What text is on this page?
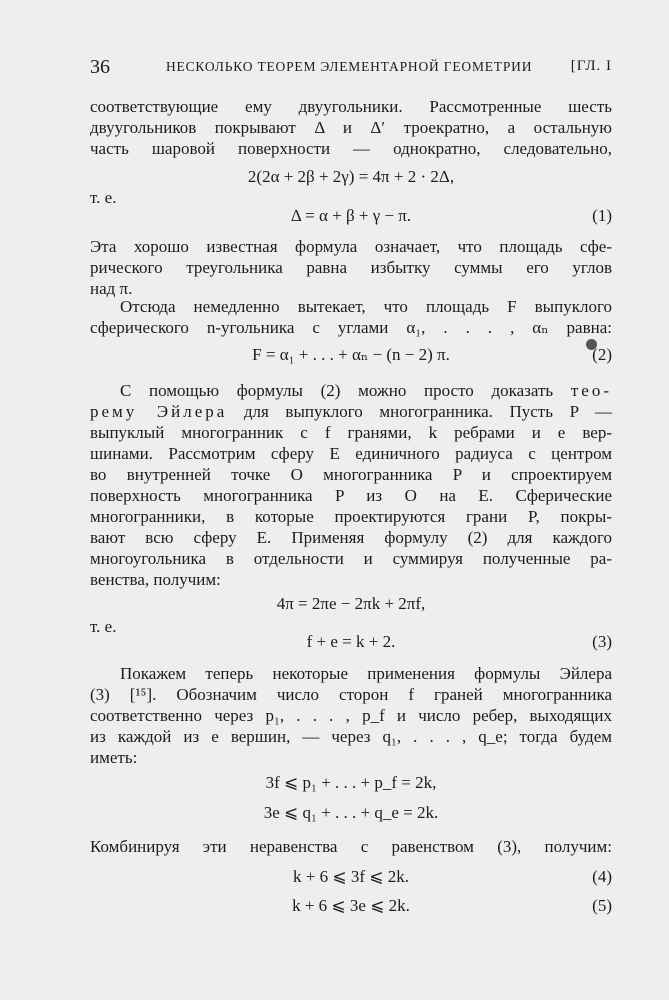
36	НЕСКОЛЬКО ТЕОРЕМ ЭЛЕМЕНТАРНОЙ ГЕОМЕТРИИ	[ГЛ. I
соответствующие ему двуугольники. Рассмотренные шесть
двуугольников покрывают Δ и Δ′ троекратно, а остальную
часть шаровой поверхности — однократно, следовательно,
2(2α + 2β + 2γ) = 4π + 2 · 2Δ,
т. е.
Δ = α + β + γ − π.	(1)
Эта хорошо известная формула означает, что площадь сфе-
рического треугольника равна избытку суммы его углов
над π.
Отсюда немедленно вытекает, что площадь F выпуклого
сферического n-угольника с углами α₁, . . . , αₙ равна:
F = α₁ + . . . + αₙ − (n − 2) π.	(2)
С помощью формулы (2) можно просто доказать тео-
рему Эйлера для выпуклого многогранника. Пусть P —
выпуклый многогранник с f гранями, k ребрами и e вер-
шинами. Рассмотрим сферу E единичного радиуса с центром
во внутренней точке O многогранника P и спроектируем
поверхность многогранника P из O на E. Сферические
многогранники, в которые проектируются грани P, покры-
вают всю сферу E. Применяя формулу (2) для каждого
многоугольника в отдельности и суммируя полученные ра-
венства, получим:
4π = 2πe − 2πk + 2πf,
т. е.
f + e = k + 2.	(3)
Покажем теперь некоторые применения формулы Эйлера
(3) [¹⁵]. Обозначим число сторон f граней многогранника
соответственно через p₁, . . . , p_f и число ребер, выходящих
из каждой из e вершин, — через q₁, . . . , q_e; тогда будем
иметь:
3f ⩽ p₁ + . . . + p_f = 2k,
3e ⩽ q₁ + . . . + q_e = 2k.
Комбинируя эти неравенства с равенством (3), получим:
k + 6 ⩽ 3f ⩽ 2k.	(4)
k + 6 ⩽ 3e ⩽ 2k.	(5)
